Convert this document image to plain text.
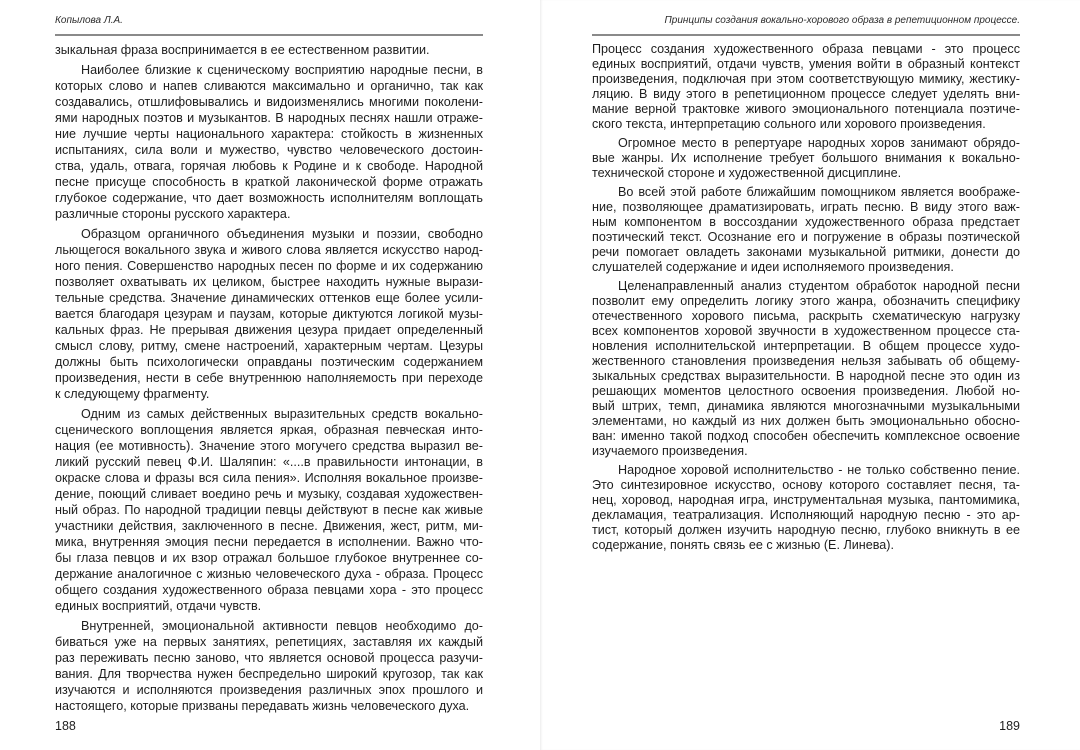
Копылова Л.А.
зыкальная фраза воспринимается в ее естественном развитии.
Наиболее близкие к сценическому восприятию народные песни, в
которых слово и напев сливаются максимально и органично, так как
создавались, отшлифовывались и видоизменялись многими поколени-
ями народных поэтов и музыкантов. В народных песнях нашли отраже-
ние лучшие черты национального характера: стойкость в жизненных
испытаниях, сила воли и мужество, чувство человеческого достоин-
ства, удаль, отвага, горячая любовь к Родине и к свободе. Народной
песне присуще способность в краткой лаконической форме отражать
глубокое содержание, что дает возможность исполнителям воплощать
различные стороны русского характера.
Образцом органичного объединения музыки и поэзии, свободно
льющегося вокального звука и живого слова является искусство народ-
ного пения. Совершенство народных песен по форме и их содержанию
позволяет охватывать их целиком, быстрее находить нужные вырази-
тельные средства. Значение динамических оттенков еще более усили-
вается благодаря цезурам и паузам, которые диктуются логикой музы-
кальных фраз. Не прерывая движения цезура придает определенный
смысл слову, ритму, смене настроений, характерным чертам. Цезуры
должны быть психологически оправданы поэтическим содержанием
произведения, нести в себе внутреннюю наполняемость при переходе
к следующему фрагменту.
Одним из самых действенных выразительных средств вокально-
сценического воплощения является яркая, образная певческая инто-
нация (ее мотивность). Значение этого могучего средства выразил ве-
ликий русский певец Ф.И. Шаляпин: «....в правильности интонации, в
окраске слова и фразы вся сила пения». Исполняя вокальное произве-
дение, поющий сливает воедино речь и музыку, создавая художествен-
ный образ. По народной традиции певцы действуют в песне как живые
участники действия, заключенного в песне. Движения, жест, ритм, ми-
мика, внутренняя эмоция песни передается в исполнении. Важно что-
бы глаза певцов и их взор отражал большое глубокое внутреннее со-
держание аналогичное с жизнью человеческого духа - образа. Процесс
общего создания художественного образа певцами хора - это процесс
единых восприятий, отдачи чувств.
Внутренней, эмоциональной активности певцов необходимо до-
биваться уже на первых занятиях, репетициях, заставляя их каждый
раз переживать песню заново, что является основой процесса разучи-
вания. Для творчества нужен беспредельно широкий кругозор, так как
изучаются и исполняются произведения различных эпох прошлого и
настоящего, которые призваны передавать жизнь человеческого духа.
188
Принципы создания вокально-хорового образа в репетиционном процессе.
Процесс создания художественного образа певцами - это процесс
единых восприятий, отдачи чувств, умения войти в образный контекст
произведения, подключая при этом соответствующую мимику, жестику-
ляцию. В виду этого в репетиционном процессе следует уделять вни-
мание верной трактовке живого эмоционального потенциала поэтиче-
ского текста, интерпретацию сольного или хорового произведения.
Огромное место в репертуаре народных хоров занимают обрядо-
вые жанры. Их исполнение требует большого внимания к вокально-
технической стороне и художественной дисциплине.
Во всей этой работе ближайшим помощником является воображе-
ние, позволяющее драматизировать, играть песню. В виду этого важ-
ным компонентом в воссоздании художественного образа предстает
поэтический текст. Осознание его и погружение в образы поэтической
речи помогает овладеть законами музыкальной ритмики, донести до
слушателей содержание и идеи исполняемого произведения.
Целенаправленный анализ студентом обработок народной песни
позволит ему определить логику этого жанра, обозначить специфику
отечественного хорового письма, раскрыть схематическую нагрузку
всех компонентов хоровой звучности в художественном процессе ста-
новления исполнительской интерпретации. В общем процессе худо-
жественного становления произведения нельзя забывать об общему-
зыкальных средствах выразительности. В народной песне это один из
решающих моментов целостного освоения произведения. Любой но-
вый штрих, темп, динамика являются многозначными музыкальными
элементами, но каждый из них должен быть эмоциональньно обосно-
ван: именно такой подход способен обеспечить комплексное освоение
изучаемого произведения.
Народное хоровой исполнительство - не только собственно пение.
Это синтезировное искусство, основу которого составляет песня, та-
нец, хоровод, народная игра, инструментальная музыка, пантомимика,
декламация, театрализация. Исполняющий народную песню - это ар-
тист, который должен изучить народную песню, глубоко вникнуть в ее
содержание, понять связь ее с жизнью (Е. Линева).
189
